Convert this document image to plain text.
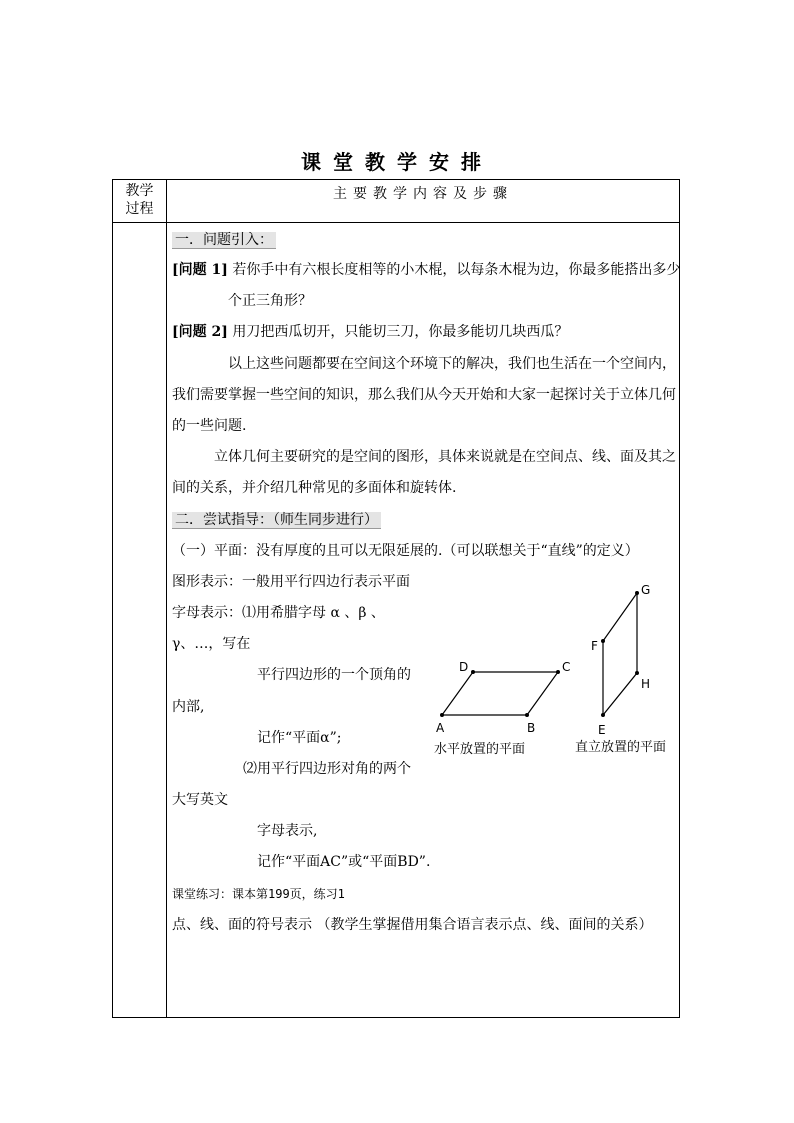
课堂教学安排
教学
过程
主要教学内容及步骤
一．问题引入：
[问题 1] 若你手中有六根长度相等的小木棍，以每条木棍为边，你最多能搭出多少
个正三角形？
[问题 2] 用刀把西瓜切开，只能切三刀，你最多能切几块西瓜？
以上这些问题都要在空间这个环境下的解决，我们也生活在一个空间内，
我们需要掌握一些空间的知识，那么我们从今天开始和大家一起探讨关于立体几何
的一些问题.
立体几何主要研究的是空间的图形，具体来说就是在空间点、线、面及其之
间的关系，并介绍几种常见的多面体和旋转体.
二．尝试指导：（师生同步进行）
（一）平面：没有厚度的且可以无限延展的.（可以联想关于“直线”的定义）
图形表示：一般用平行四边行表示平面
字母表示：⑴用希腊字母 α 、β 、
γ、…，写在
平行四边形的一个顶角的
内部,
记作“平面α”;
⑵用平行四边形对角的两个
大写英文
字母表示,
记作“平面AC”或“平面BD”.
课堂练习：课本第199页，练习1
点、线、面的符号表示 （教学生掌握借用集合语言表示点、线、面间的关系）
A	B
C
D
E
F
G
H
水平放置的平面	直立放置的平面
